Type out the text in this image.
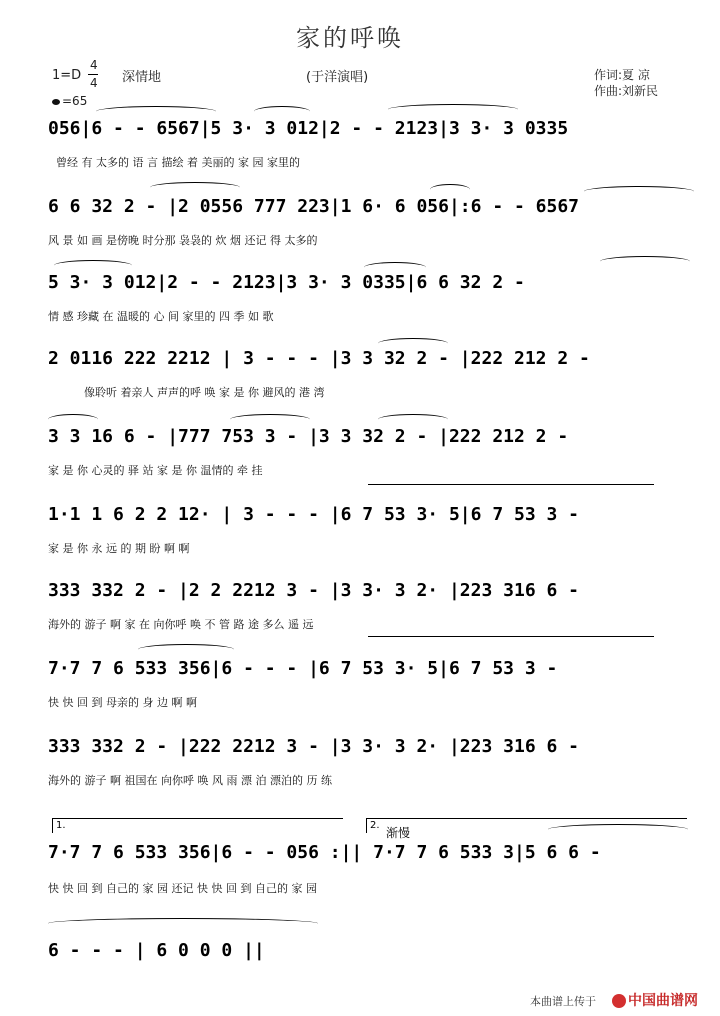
家的呼唤
1=D
4
4 深情地	(于洋演唱)	作词:夏 凉
作曲:刘新民
=65
056|6 - - 6567|5 3· 3 012|2 - - 2123|3 3· 3 0335
曾经 有 太多的 语 言 描绘 着 美丽的 家 园 家里的
6 6 32 2 - |2 0556 777 223|1 6· 6 056|:6 - - 6567
风 景 如 画 是傍晚 时分那 袅袅的 炊 烟 还记 得 太多的
5 3· 3 012|2 - - 2123|3 3· 3 0335|6 6 32 2 -
情 感 珍藏 在 温暖的 心 间 家里的 四 季 如 歌
2 0116 222 2212 | 3 - - - |3 3 32 2 - |222 212 2 -
像聆听 着亲人 声声的呼 唤 家 是 你 避风的 港 湾
3 3 16 6 - |777 753 3 - |3 3 32 2 - |222 212 2 -
家 是 你 心灵的 驿 站 家 是 你 温情的 牵 挂
1·1 1 6 2 2 12· | 3 - - - |6 7 53 3· 5|6 7 53 3 -
家 是 你 永 远 的 期 盼 啊 啊
333 332 2 - |2 2 2212 3 - |3 3· 3 2· |223 316 6 -
海外的 游子 啊 家 在 向你呼 唤 不 管 路 途 多么 遥 远
7·7 7 6 533 356|6 - - - |6 7 53 3· 5|6 7 53 3 -
快 快 回 到 母亲的 身 边 啊 啊
333 332 2 - |222 2212 3 - |3 3· 3 2· |223 316 6 -
海外的 游子 啊 祖国在 向你呼 唤 风 雨 漂 泊 漂泊的 历 练
1.	2.
渐慢
7·7 7 6 533 356|6 - - 056 :|| 7·7 7 6 533 3|5 6 6 -
快 快 回 到 自己的 家 园 还记 快 快 回 到 自己的 家 园
6 - - - | 6 0 0 0 ||
本曲谱上传于	中国曲谱网
